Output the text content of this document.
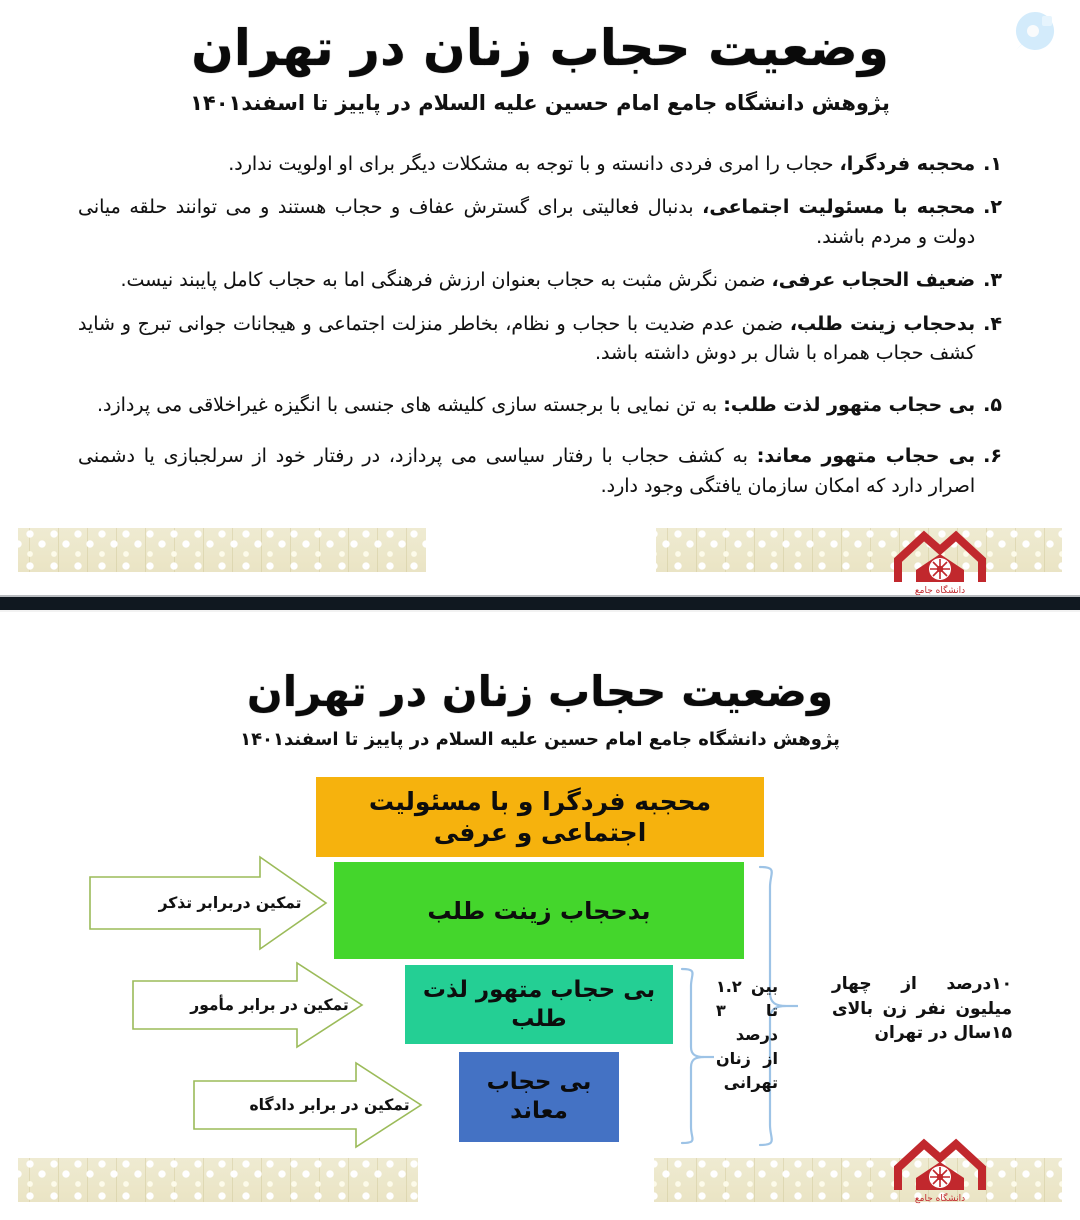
وضعیت حجاب زنان در تهران
پژوهش دانشگاه جامع امام حسین علیه السلام در پاییز تا اسفند۱۴۰۱
۱.
محجبه فردگرا، حجاب را امری فردی دانسته و با توجه به مشکلات دیگر برای او اولویت ندارد.
۲.
محجبه با مسئولیت اجتماعی، بدنبال فعالیتی برای گسترش عفاف و حجاب هستند و می توانند حلقه میانی دولت و مردم باشند.
۳.
ضعیف الحجاب عرفی، ضمن نگرش مثبت به حجاب بعنوان ارزش فرهنگی اما به حجاب کامل پایبند نیست.
۴.
بدحجاب زینت طلب، ضمن عدم ضدیت با حجاب و نظام، بخاطر منزلت اجتماعی و هیجانات جوانی تبرج و شاید کشف حجاب همراه با شال بر دوش داشته باشد.
۵.
بی حجاب متهور لذت طلب: به تن نمایی با برجسته سازی کلیشه های جنسی با انگیزه غیراخلاقی می پردازد.
۶.
بی حجاب متهور معاند: به کشف حجاب با رفتار سیاسی می پردازد، در رفتار خود از سرلجبازی یا دشمنی اصرار دارد که امکان سازمان یافتگی وجود دارد.
دانشگاه جامع
وضعیت حجاب زنان در تهران
پژوهش دانشگاه جامع امام حسین علیه السلام در پاییز تا اسفند۱۴۰۱
تمکین دربرابر تذکر
تمکین در برابر مأمور
تمکین در برابر دادگاه
محجبه فردگرا و با مسئولیت اجتماعی و عرفی
بدحجاب زینت طلب
بی حجاب متهور لذت طلب
بی حجاب معاند
۱۰درصد از چهار میلیون نفر زن بالای ۱۵سال در تهران
بین ۱.۲ تا ۳ درصد از زنان تهرانی
دانشگاه جامع
